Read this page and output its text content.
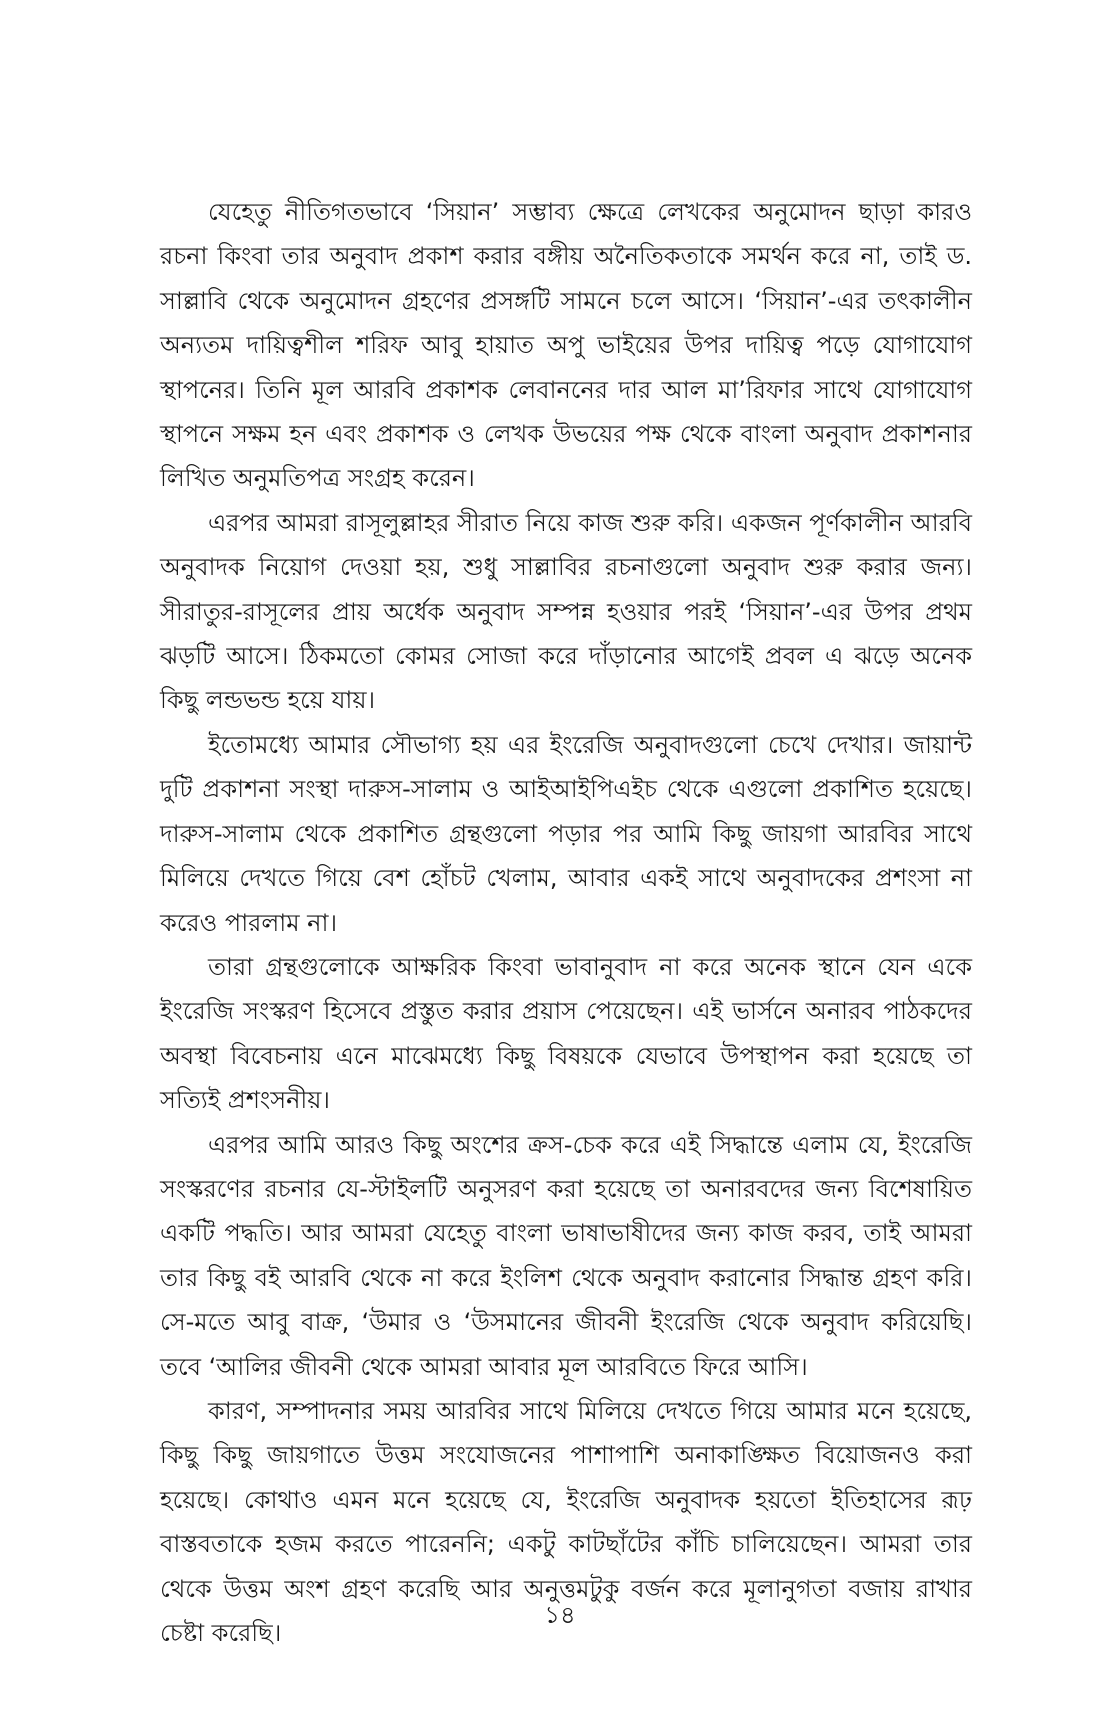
যেহেতু নীতিগতভাবে ‘সিয়ান’ সম্ভাব্য ক্ষেত্রে লেখকের অনুমোদন ছাড়া কারও রচনা কিংবা তার অনুবাদ প্রকাশ করার বঙ্গীয় অনৈতিকতাকে সমর্থন করে না, তাই ড. সাল্লাবি থেকে অনুমোদন গ্রহণের প্রসঙ্গটি সামনে চলে আসে। ‘সিয়ান’-এর তৎকালীন অন্যতম দায়িত্বশীল শরিফ আবু হায়াত অপু ভাইয়ের উপর দায়িত্ব পড়ে যোগাযোগ স্থাপনের। তিনি মূল আরবি প্রকাশক লেবাননের দার আল মা’রিফার সাথে যোগাযোগ স্থাপনে সক্ষম হন এবং প্রকাশক ও লেখক উভয়ের পক্ষ থেকে বাংলা অনুবাদ প্রকাশনার লিখিত অনুমতিপত্র সংগ্রহ করেন।

এরপর আমরা রাসূলুল্লাহর সীরাত নিয়ে কাজ শুরু করি। একজন পূর্ণকালীন আরবি অনুবাদক নিয়োগ দেওয়া হয়, শুধু সাল্লাবির রচনাগুলো অনুবাদ শুরু করার জন্য। সীরাতুর-রাসূলের প্রায় অর্ধেক অনুবাদ সম্পন্ন হওয়ার পরই ‘সিয়ান’-এর উপর প্রথম ঝড়টি আসে। ঠিকমতো কোমর সোজা করে দাঁড়ানোর আগেই প্রবল এ ঝড়ে অনেক কিছু লন্ডভন্ড হয়ে যায়।

ইতোমধ্যে আমার সৌভাগ্য হয় এর ইংরেজি অনুবাদগুলো চেখে দেখার। জায়ান্ট দুটি প্রকাশনা সংস্থা দারুস-সালাম ও আইআইপিএইচ থেকে এগুলো প্রকাশিত হয়েছে। দারুস-সালাম থেকে প্রকাশিত গ্রন্থগুলো পড়ার পর আমি কিছু জায়গা আরবির সাথে মিলিয়ে দেখতে গিয়ে বেশ হোঁচট খেলাম, আবার একই সাথে অনুবাদকের প্রশংসা না করেও পারলাম না।

তারা গ্রন্থগুলোকে আক্ষরিক কিংবা ভাবানুবাদ না করে অনেক স্থানে যেন একে ইংরেজি সংস্করণ হিসেবে প্রস্তুত করার প্রয়াস পেয়েছেন। এই ভার্সনে অনারব পাঠকদের অবস্থা বিবেচনায় এনে মাঝেমধ্যে কিছু বিষয়কে যেভাবে উপস্থাপন করা হয়েছে তা সত্যিই প্রশংসনীয়।

এরপর আমি আরও কিছু অংশের ক্রস-চেক করে এই সিদ্ধান্তে এলাম যে, ইংরেজি সংস্করণের রচনার যে-স্টাইলটি অনুসরণ করা হয়েছে তা অনারবদের জন্য বিশেষায়িত একটি পদ্ধতি। আর আমরা যেহেতু বাংলা ভাষাভাষীদের জন্য কাজ করব, তাই আমরা তার কিছু বই আরবি থেকে না করে ইংলিশ থেকে অনুবাদ করানোর সিদ্ধান্ত গ্রহণ করি। সে-মতে আবু বাক্র, ‘উমার ও ‘উসমানের জীবনী ইংরেজি থেকে অনুবাদ করিয়েছি। তবে ‘আলির জীবনী থেকে আমরা আবার মূল আরবিতে ফিরে আসি।

কারণ, সম্পাদনার সময় আরবির সাথে মিলিয়ে দেখতে গিয়ে আমার মনে হয়েছে, কিছু কিছু জায়গাতে উত্তম সংযোজনের পাশাপাশি অনাকাঙ্ক্ষিত বিয়োজনও করা হয়েছে। কোথাও এমন মনে হয়েছে যে, ইংরেজি অনুবাদক হয়তো ইতিহাসের রূঢ় বাস্তবতাকে হজম করতে পারেননি; একটু কাটছাঁটের কাঁচি চালিয়েছেন। আমরা তার থেকে উত্তম অংশ গ্রহণ করেছি আর অনুত্তমটুকু বর্জন করে মূলানুগতা বজায় রাখার চেষ্টা করেছি।

১৪
